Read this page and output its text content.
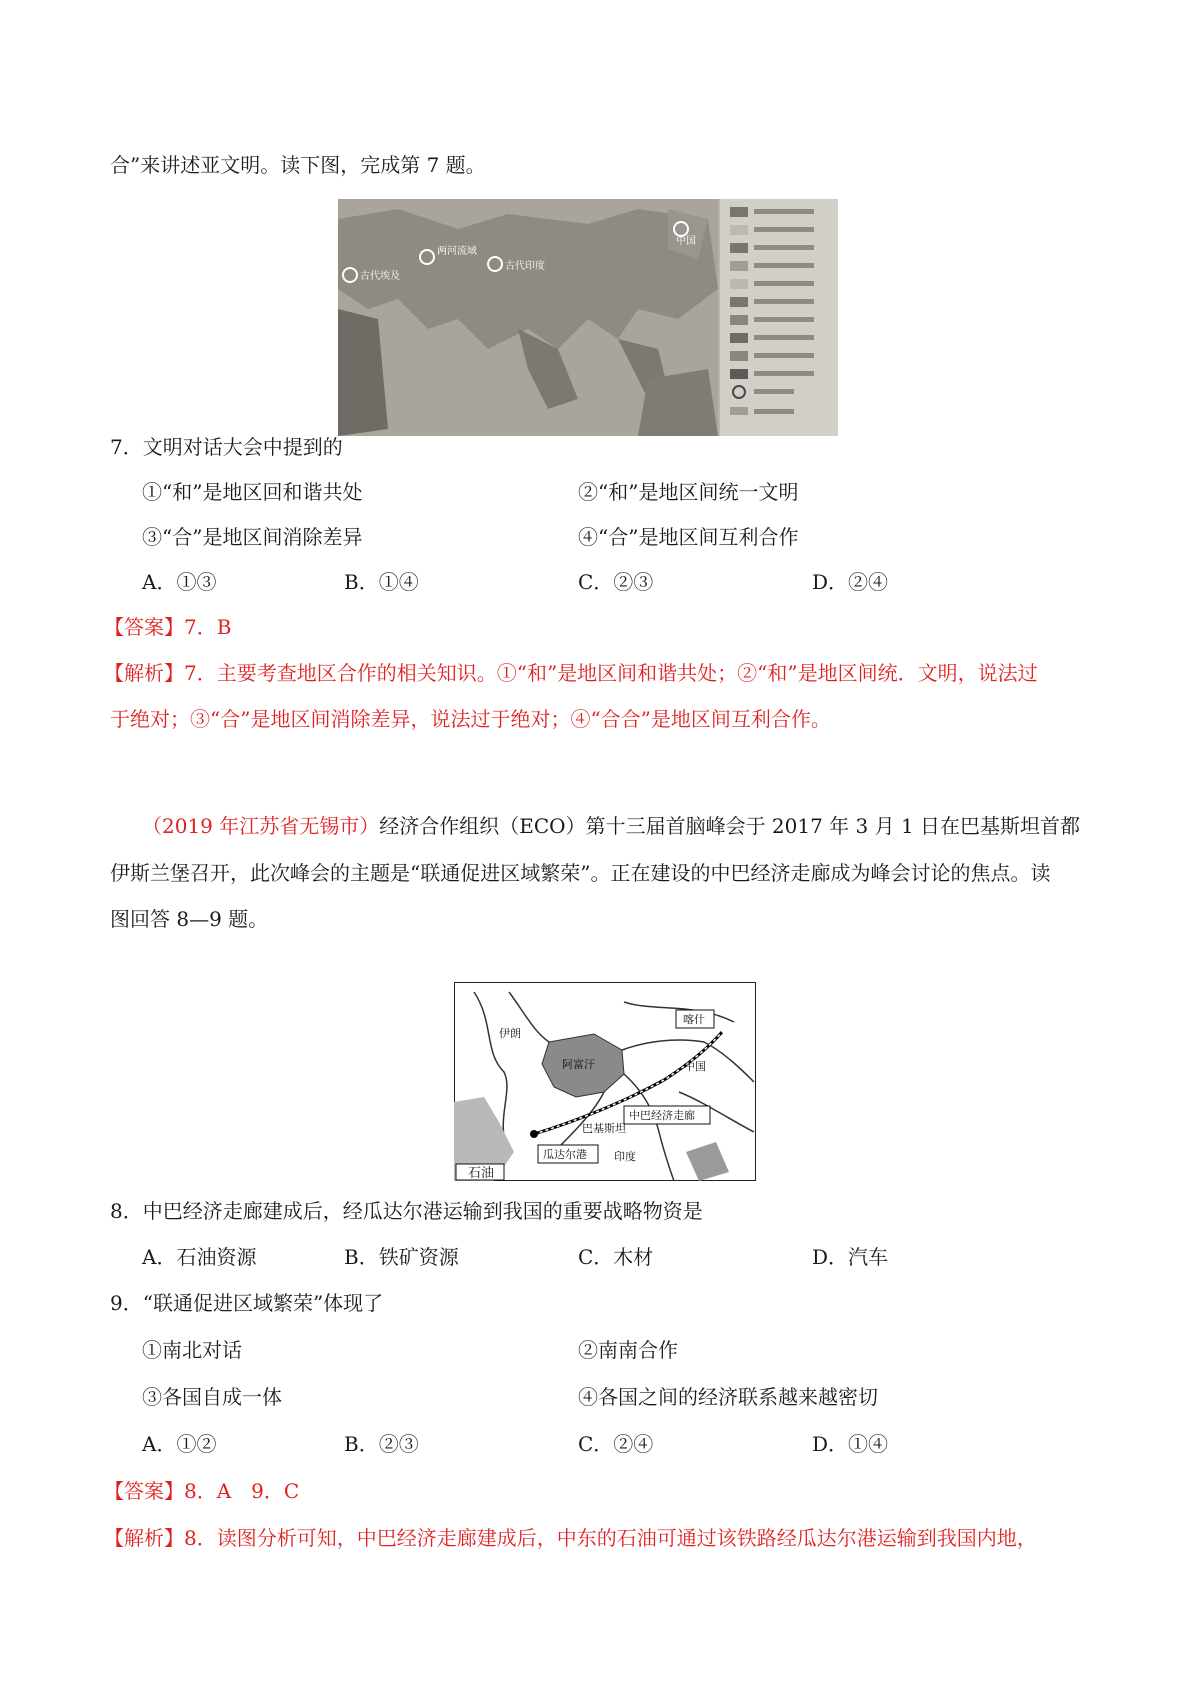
合”来讲述亚文明。读下图，完成第 7 题。
古代埃及
两河流域
古代印度
中国
7．文明对话大会中提到的
①“和”是地区回和谐共处	②“和”是地区间统一文明
③“合”是地区间消除差异	④“合”是地区间互利合作
A．①③	B．①④	C．②③	D．②④
【答案】7．B
【解析】7．主要考查地区合作的相关知识。①“和”是地区间和谐共处；②“和”是地区间统．文明，说法过
于绝对；③“合”是地区间消除差异，说法过于绝对；④“合合”是地区间互利合作。
（2019 年江苏省无锡市）经济合作组织（ECO）第十三届首脑峰会于 2017 年 3 月 1 日在巴基斯坦首都
伊斯兰堡召开，此次峰会的主题是“联通促进区域繁荣”。正在建设的中巴经济走廊成为峰会讨论的焦点。读
图回答 8—9 题。
伊朗
阿富汗
喀什
中国
中巴经济走廊
巴基斯坦
瓜达尔港 印度
石油
8．中巴经济走廊建成后，经瓜达尔港运输到我国的重要战略物资是
A．石油资源	B．铁矿资源	C．木材	D．汽车
9．“联通促进区域繁荣”体现了
①南北对话	②南南合作
③各国自成一体	④各国之间的经济联系越来越密切
A．①②	B．②③	C．②④	D．①④
【答案】8．A　9．C
【解析】8．读图分析可知，中巴经济走廊建成后，中东的石油可通过该铁路经瓜达尔港运输到我国内地，
